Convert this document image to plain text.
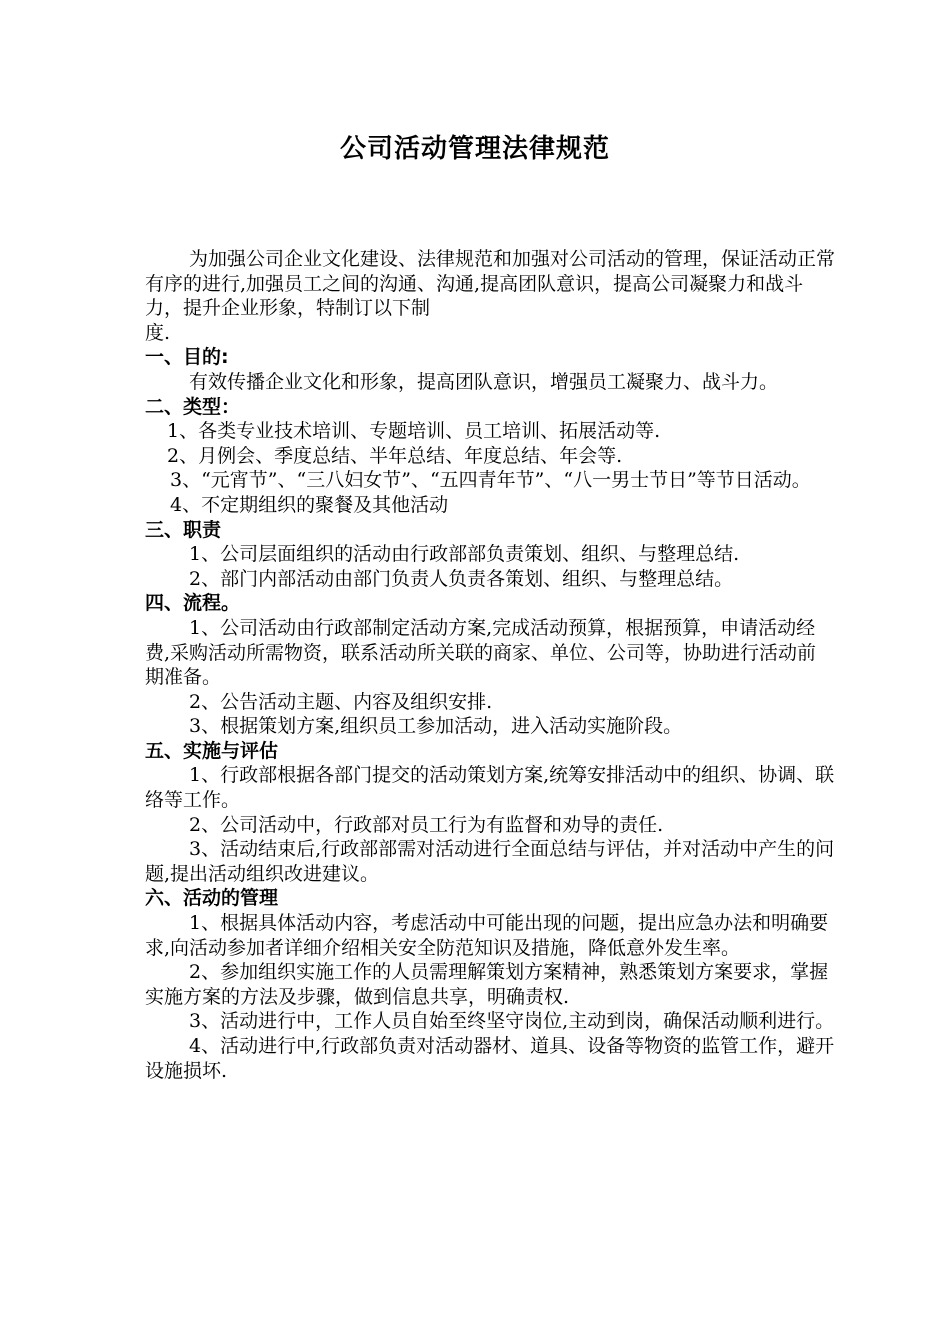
公司活动管理法律规范

为加强公司企业文化建设、法律规范和加强对公司活动的管理，保证活动正常有序的进行,加强员工之间的沟通、沟通,提高团队意识，提高公司凝聚力和战斗力，提升企业形象，特制订以下制

度.

一、目的:

有效传播企业文化和形象，提高团队意识，增强员工凝聚力、战斗力。

二、类型：

1、各类专业技术培训、专题培训、员工培训、拓展活动等.

2、月例会、季度总结、半年总结、年度总结、年会等.

3、“元宵节”、“三八妇女节”、“五四青年节”、“八一男士节日”等节日活动。

4、不定期组织的聚餐及其他活动

三、职责

1、公司层面组织的活动由行政部部负责策划、组织、与整理总结.

2、部门内部活动由部门负责人负责各策划、组织、与整理总结。

四、流程。

1、公司活动由行政部制定活动方案,完成活动预算，根据预算，申请活动经费,采购活动所需物资，联系活动所关联的商家、单位、公司等，协助进行活动前期准备。

2、公告活动主题、内容及组织安排.

3、根据策划方案,组织员工参加活动，进入活动实施阶段。

五、实施与评估

1、行政部根据各部门提交的活动策划方案,统筹安排活动中的组织、协调、联络等工作。

2、公司活动中，行政部对员工行为有监督和劝导的责任.

3、活动结束后,行政部部需对活动进行全面总结与评估，并对活动中产生的问题,提出活动组织改进建议。

六、活动的管理

1、根据具体活动内容，考虑活动中可能出现的问题，提出应急办法和明确要求,向活动参加者详细介绍相关安全防范知识及措施，降低意外发生率。

2、参加组织实施工作的人员需理解策划方案精神，熟悉策划方案要求，掌握实施方案的方法及步骤，做到信息共享，明确责权.

3、活动进行中，工作人员自始至终坚守岗位,主动到岗，确保活动顺利进行。

4、活动进行中,行政部负责对活动器材、道具、设备等物资的监管工作，避开设施损坏.
